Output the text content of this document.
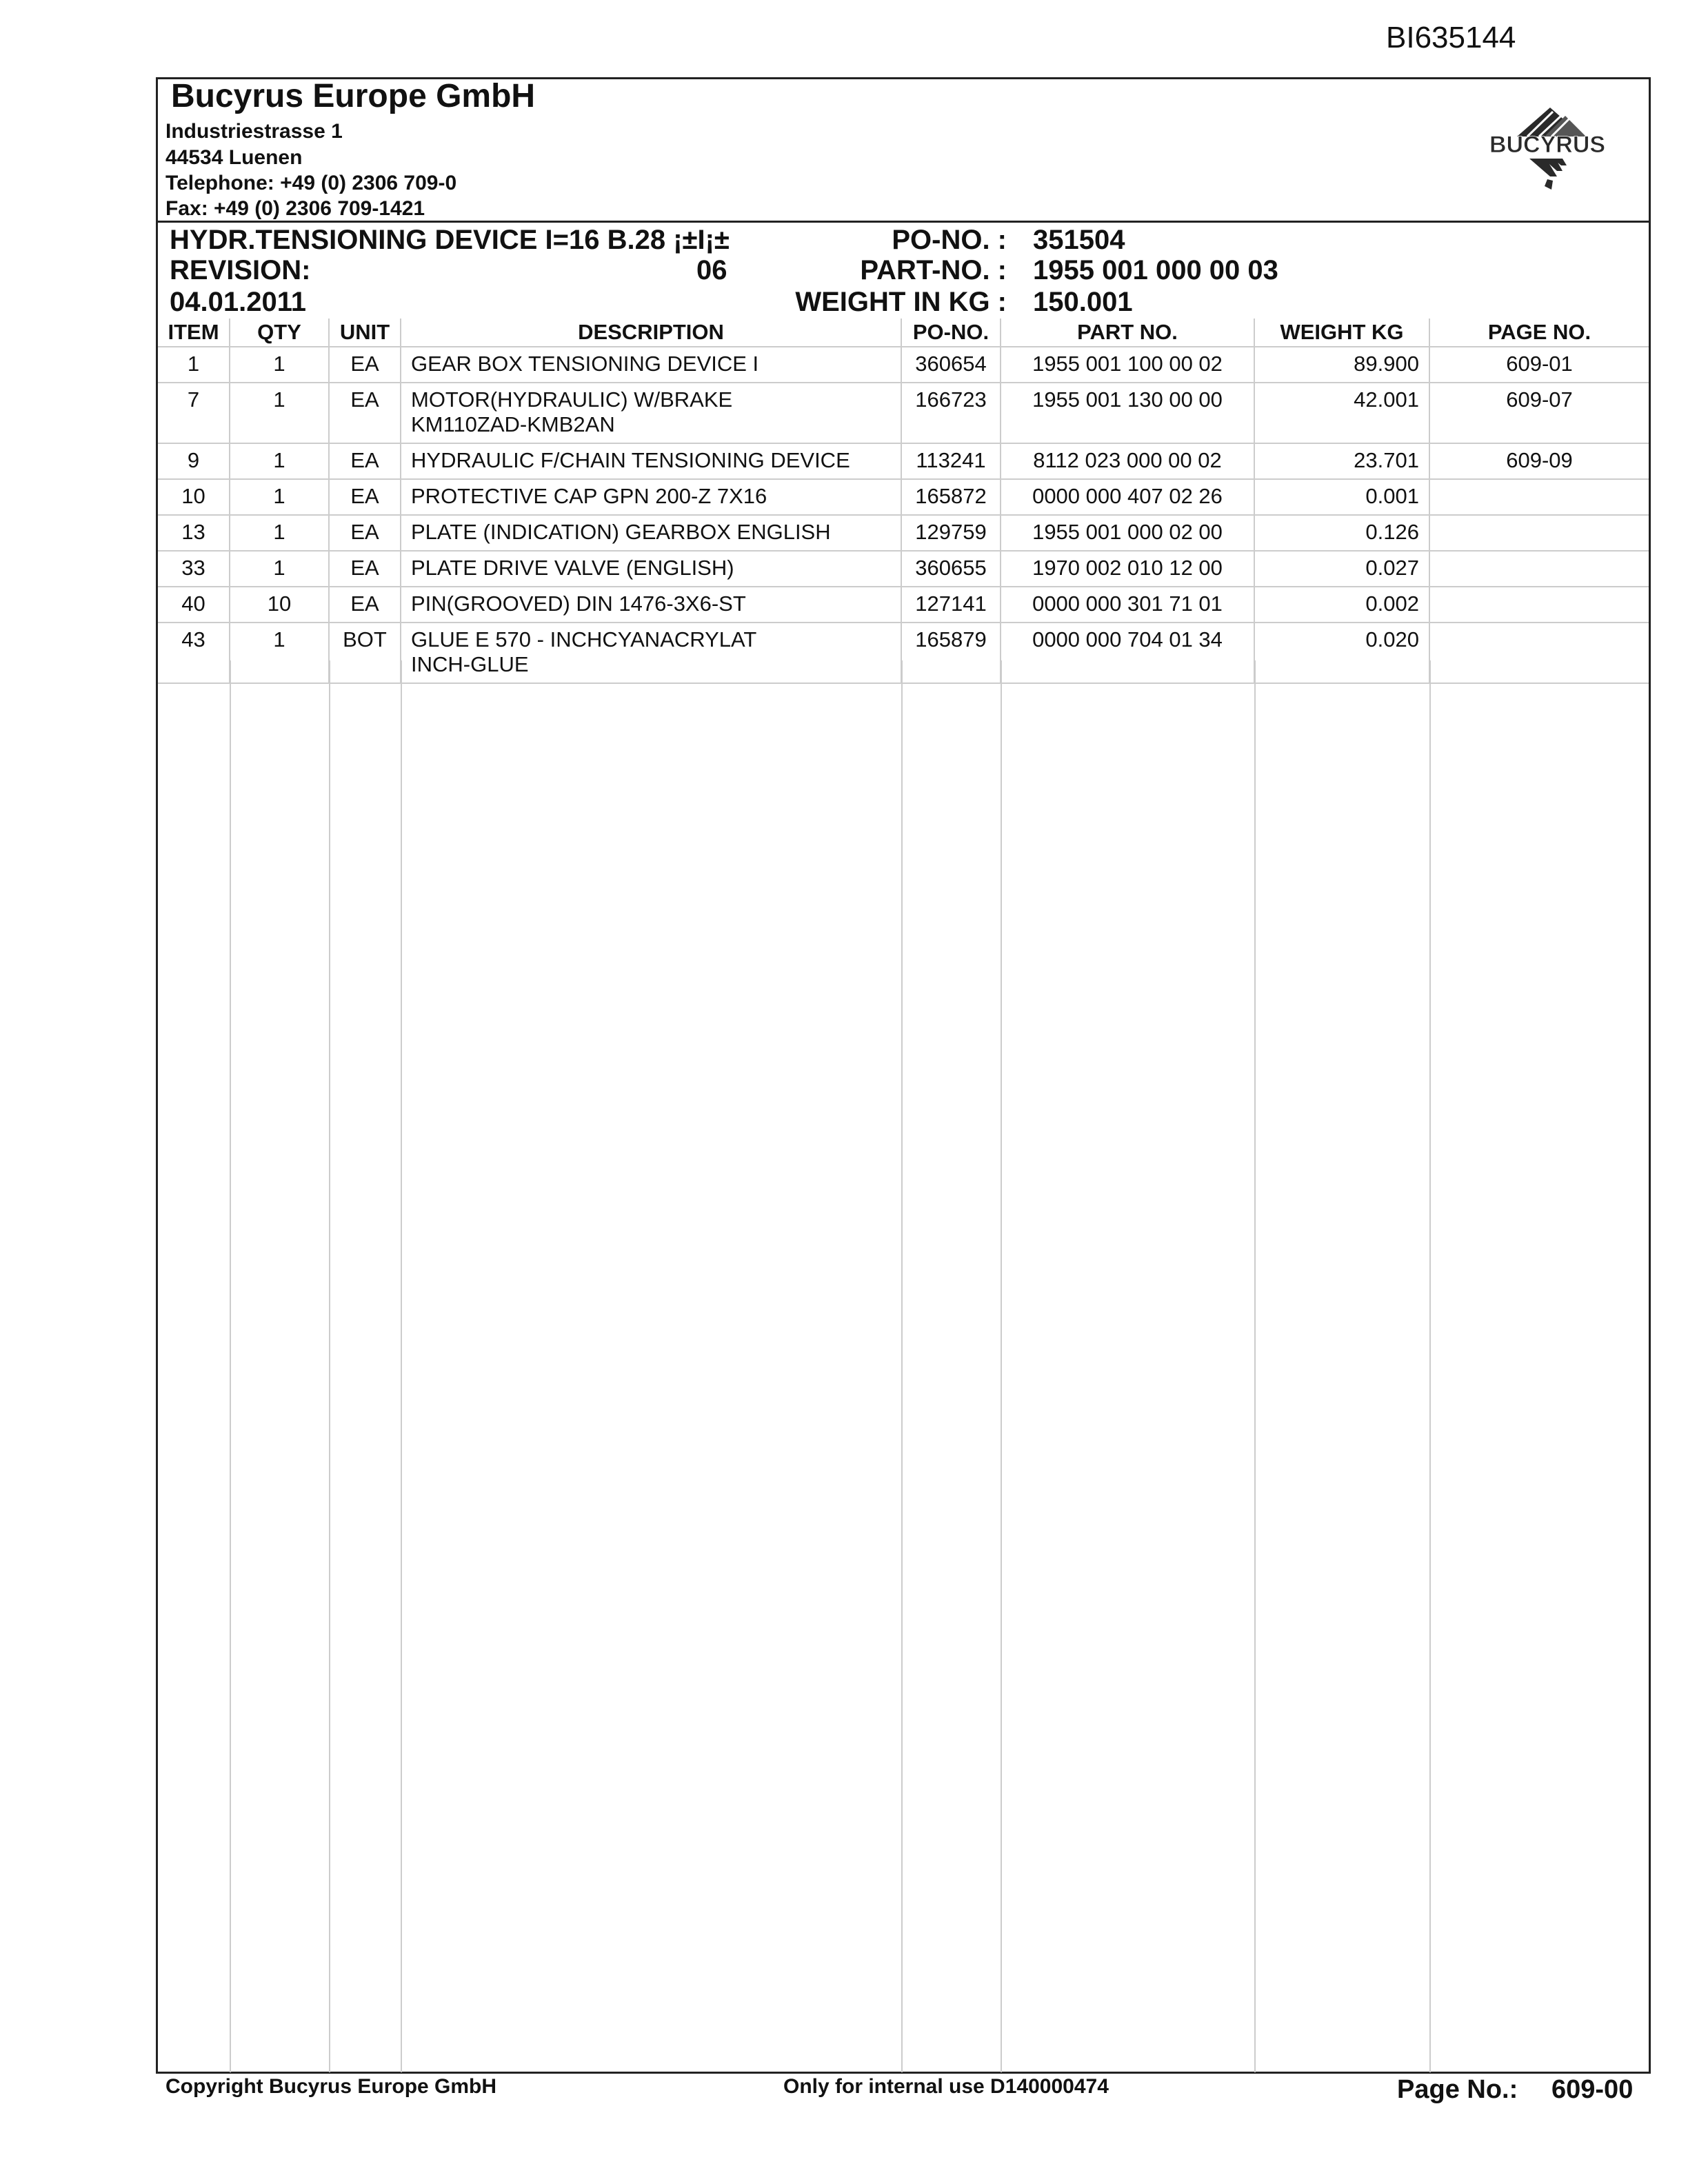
BI635144
Bucyrus Europe GmbH
Industriestrasse 1
44534 Luenen
Telephone: +49 (0) 2306 709-0
Fax: +49 (0) 2306 709-1421
BUCYRUS
HYDR.TENSIONING DEVICE I=16 B.28 ¡±I¡±
REVISION:	06
04.01.2011
PO-NO. : 351504
PART-NO. : 1955 001 000 00 03
WEIGHT IN KG : 150.001
ITEM	QTY	UNIT	DESCRIPTION	PO-NO.	PART NO.	WEIGHT KG	PAGE NO.
1	1	EA	GEAR BOX TENSIONING DEVICE I	360654	1955 001 100 00 02	89.900	609-01
7	1	EA	MOTOR(HYDRAULIC) W/BRAKE
KM110ZAD-KMB2AN	166723	1955 001 130 00 00	42.001	609-07
9	1	EA	HYDRAULIC F/CHAIN TENSIONING DEVICE	113241	8112 023 000 00 02	23.701	609-09
10	1	EA	PROTECTIVE CAP GPN 200-Z 7X16	165872	0000 000 407 02 26	0.001	
13	1	EA	PLATE (INDICATION) GEARBOX ENGLISH	129759	1955 001 000 02 00	0.126	
33	1	EA	PLATE DRIVE VALVE (ENGLISH)	360655	1970 002 010 12 00	0.027	
40	10	EA	PIN(GROOVED) DIN 1476-3X6-ST	127141	0000 000 301 71 01	0.002	
43	1	BOT	GLUE E 570 - INCHCYANACRYLAT
INCH-GLUE	165879	0000 000 704 01 34	0.020	
Copyright Bucyrus Europe GmbH	Only for internal use D140000474	Page No.: 609-00
